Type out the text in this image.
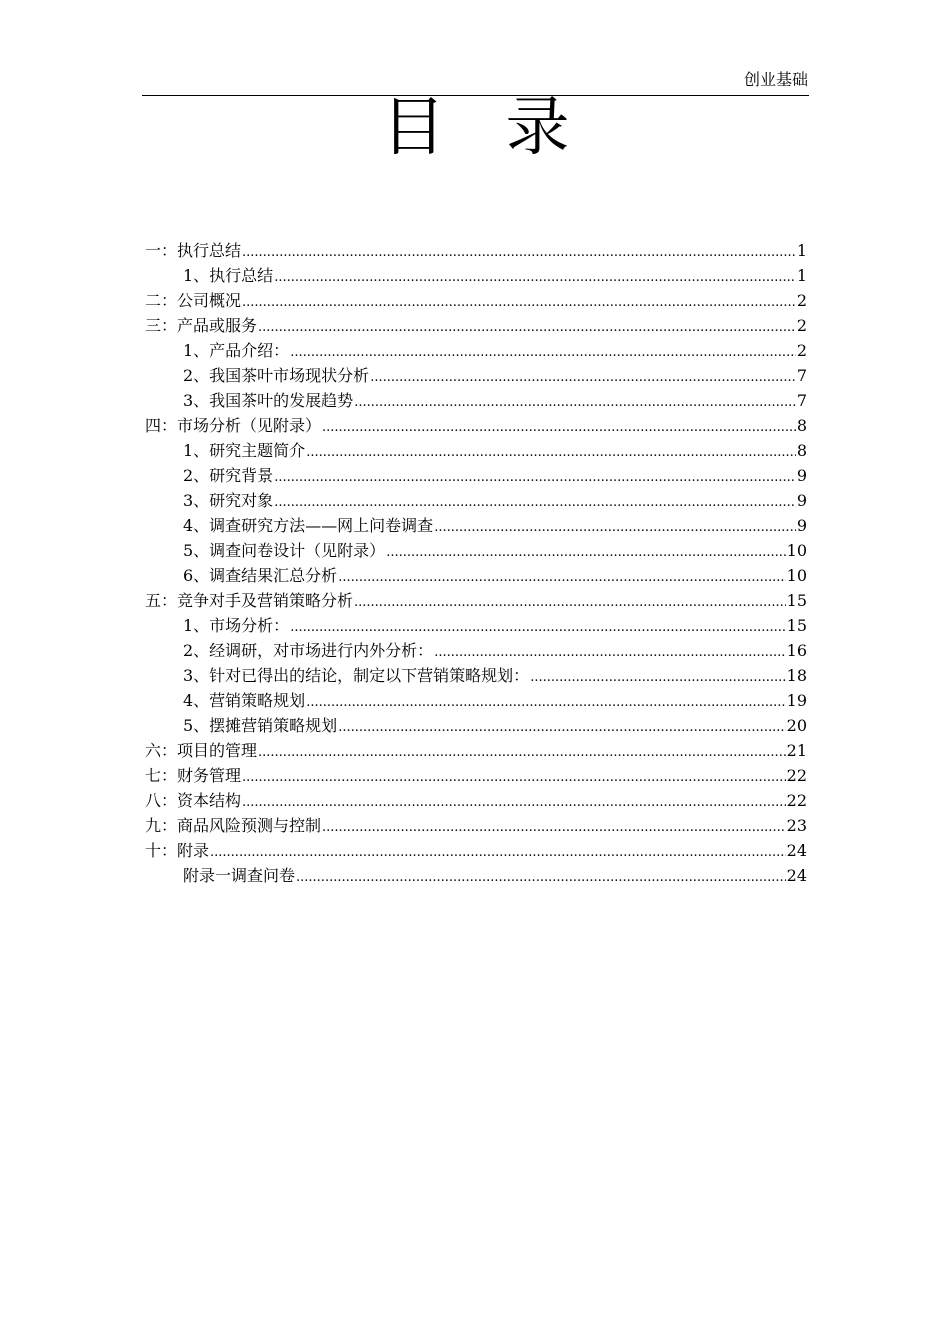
创业基础
目录
一：执行总结 .....	1
1、执行总结 .....	1
二：公司概况 .....	2
三：产品或服务 .....	2
1、产品介绍： .....	2
2、我国茶叶市场现状分析 .....	7
3、我国茶叶的发展趋势 .....	7
四：市场分析（见附录） .....	8
1、研究主题简介 .....	8
2、研究背景 .....	9
3、研究对象 .....	9
4、调查研究方法——网上问卷调查 .....	9
5、调查问卷设计（见附录） .....	10
6、调查结果汇总分析 .....	10
五：竞争对手及营销策略分析 .....	15
1、市场分析： .....	15
2、经调研，对市场进行内外分析： .....	16
3、针对已得出的结论，制定以下营销策略规划： .....	18
4、营销策略规划 .....	19
5、摆摊营销策略规划 .....	20
六：项目的管理 .....	21
七：财务管理 .....	22
八：资本结构 .....	22
九：商品风险预测与控制 .....	23
十：附录 .....	24
附录一调查问卷 .....	24
